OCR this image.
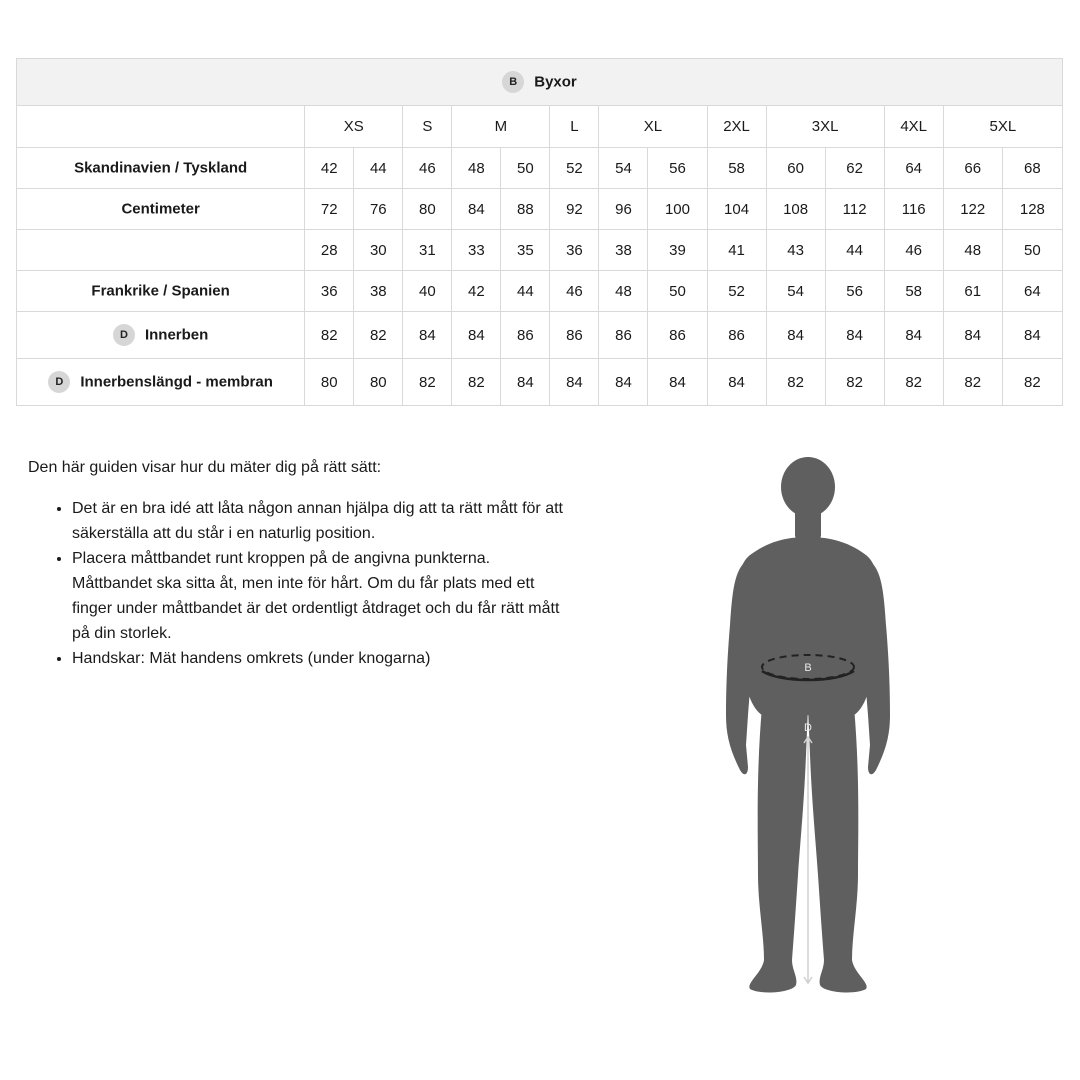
B Byxor														
	XS		S	M		L	XL		2XL	3XL		4XL	5XL	
Skandinavien / Tyskland	42	44	46	48	50	52	54	56	58	60	62	64	66	68
Centimeter	72	76	80	84	88	92	96	100	104	108	112	116	122	128
	28	30	31	33	35	36	38	39	41	43	44	46	48	50
Frankrike / Spanien	36	38	40	42	44	46	48	50	52	54	56	58	61	64
D Innerben	82	82	84	84	86	86	86	86	86	84	84	84	84	84
D Innerbenslängd - membran	80	80	82	82	84	84	84	84	84	82	82	82	82	82

Den här guiden visar hur du mäter dig på rätt sätt:

• Det är en bra idé att låta någon annan hjälpa dig att ta rätt mått för att säkerställa att du står i en naturlig position.
• Placera måttbandet runt kroppen på de angivna punkterna. Måttbandet ska sitta åt, men inte för hårt. Om du får plats med ett finger under måttbandet är det ordentligt åtdraget och du får rätt mått på din storlek.
• Handskar: Mät handens omkrets (under knogarna)
B
D
